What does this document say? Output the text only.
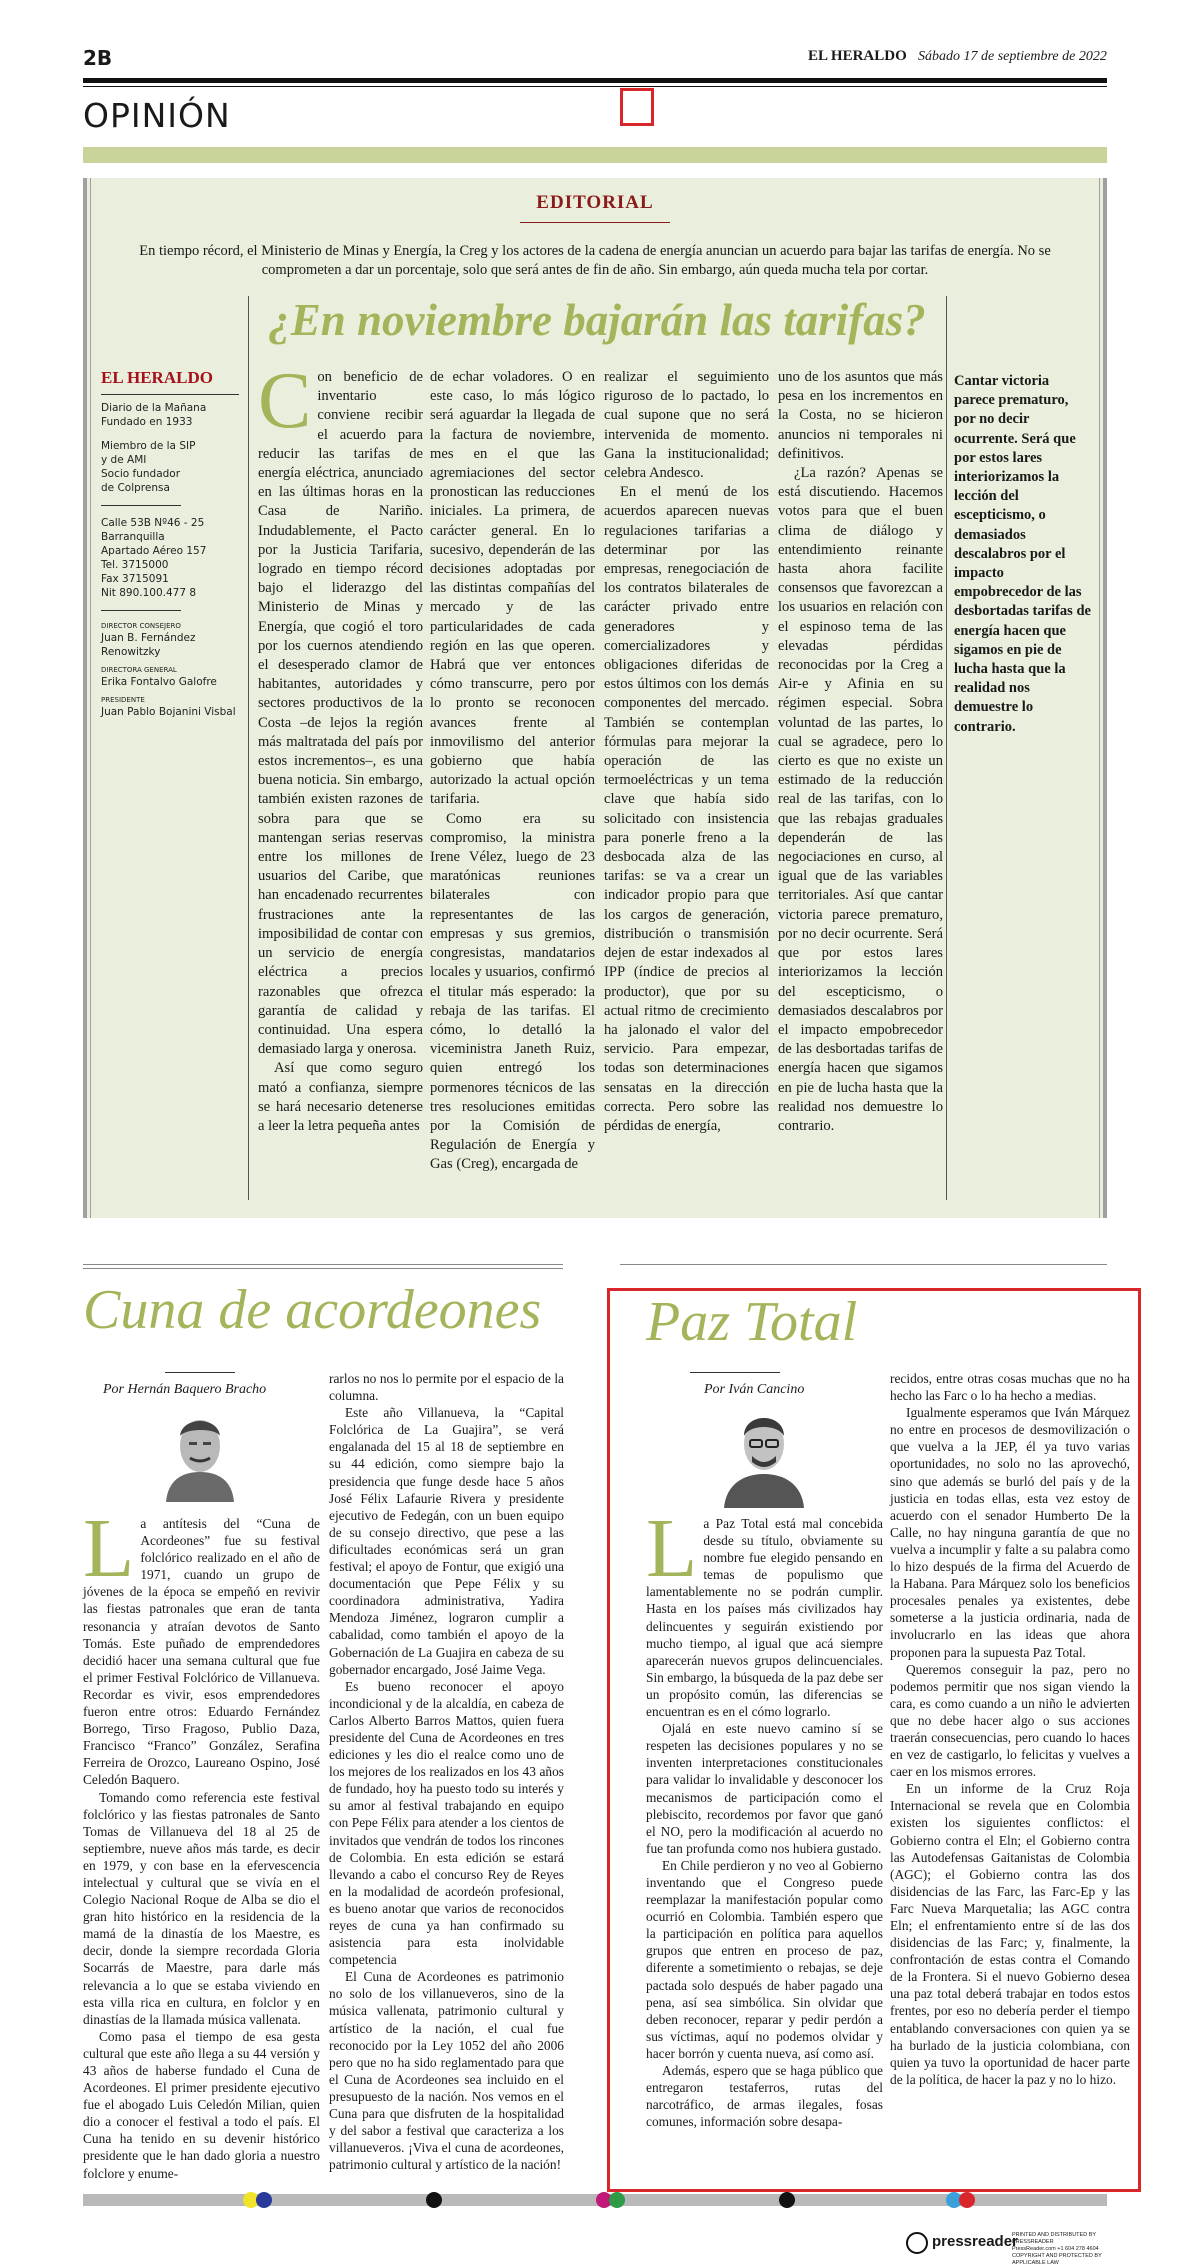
2B	EL HERALDO Sábado 17 de septiembre de 2022
OPINIÓN
EDITORIAL
En tiempo récord, el Ministerio de Minas y Energía, la Creg y los actores de la cadena de energía anuncian un acuerdo para bajar las tarifas de energía. No se comprometen a dar un porcentaje, solo que será antes de fin de año. Sin embargo, aún queda mucha tela por cortar.
¿En noviembre bajarán las tarifas?
EL HERALDO
Diario de la Mañana
Fundado en 1933
Miembro de la SIP
y de AMI
Socio fundador
de Colprensa
Calle 53B Nº46 - 25
Barranquilla
Apartado Aéreo 157
Tel. 3715000
Fax 3715091
Nit 890.100.477 8
DIRECTOR CONSEJERO
Juan B. Fernández Renowitzky
DIRECTORA GENERAL
Erika Fontalvo Galofre
PRESIDENTE
Juan Pablo Bojanini Visbal

Con beneficio de inventario conviene recibir el acuerdo para reducir las tarifas de energía eléctrica, anunciado en las últimas horas en la Casa de Nariño. Indudablemente, el Pacto por la Justicia Tarifaria, logrado en tiempo récord bajo el liderazgo del Ministerio de Minas y Energía, que cogió el toro por los cuernos atendiendo el desesperado clamor de habitantes, autoridades y sectores productivos de la Costa –de lejos la región más maltratada del país por estos incrementos–, es una buena noticia. Sin embargo, también existen razones de sobra para que se mantengan serias reservas entre los millones de usuarios del Caribe, que han encadenado recurrentes frustraciones ante la imposibilidad de contar con un servicio de energía eléctrica a precios razonables que ofrezca garantía de calidad y continuidad. Una espera demasiado larga y onerosa.

Así que como seguro mató a confianza, siempre se hará necesario detenerse a leer la letra pequeña antes

de echar voladores. O en este caso, lo más lógico será aguardar la llegada de la factura de noviembre, mes en el que las agremiaciones del sector pronostican las reducciones iniciales. La primera, de carácter general. En lo sucesivo, dependerán de las decisiones adoptadas por las distintas compañías del mercado y de las particularidades de cada región en las que operen. Habrá que ver entonces cómo transcurre, pero por lo pronto se reconocen avances frente al inmovilismo del anterior gobierno que había autorizado la actual opción tarifaria.

Como era su compromiso, la ministra Irene Vélez, luego de 23 maratónicas reuniones bilaterales con representantes de las empresas y sus gremios, congresistas, mandatarios locales y usuarios, confirmó el titular más esperado: la rebaja de las tarifas. El cómo, lo detalló la viceministra Janeth Ruiz, quien entregó los pormenores técnicos de las tres resoluciones emitidas por la Comisión de Regulación de Energía y Gas (Creg), encargada de

realizar el seguimiento riguroso de lo pactado, lo cual supone que no será intervenida de momento. Gana la institucionalidad; celebra Andesco.

En el menú de los acuerdos aparecen nuevas regulaciones tarifarias a determinar por las empresas, renegociación de los contratos bilaterales de carácter privado entre generadores y comercializadores y obligaciones diferidas de estos últimos con los demás componentes del mercado. También se contemplan fórmulas para mejorar la operación de las termoeléctricas y un tema clave que había sido solicitado con insistencia para ponerle freno a la desbocada alza de las tarifas: se va a crear un indicador propio para que los cargos de generación, distribución o transmisión dejen de estar indexados al IPP (índice de precios al productor), que por su actual ritmo de crecimiento ha jalonado el valor del servicio. Para empezar, todas son determinaciones sensatas en la dirección correcta. Pero sobre las pérdidas de energía,

uno de los asuntos que más pesa en los incrementos en la Costa, no se hicieron anuncios ni temporales ni definitivos.

¿La razón? Apenas se está discutiendo. Hacemos votos para que el buen clima de diálogo y entendimiento reinante hasta ahora facilite consensos que favorezcan a los usuarios en relación con el espinoso tema de las elevadas pérdidas reconocidas por la Creg a Air-e y Afinia en su régimen especial. Sobra voluntad de las partes, lo cual se agradece, pero lo cierto es que no existe un estimado de la reducción real de las tarifas, con lo que las rebajas graduales dependerán de las negociaciones en curso, al igual que de las variables territoriales. Así que cantar victoria parece prematuro, por no decir ocurrente. Será que por estos lares interiorizamos la lección del escepticismo, o demasiados descalabros por el impacto empobrecedor de las desbortadas tarifas de energía hacen que sigamos en pie de lucha hasta que la realidad nos demuestre lo contrario.

Cantar victoria parece prematuro, por no decir ocurrente. Será que por estos lares interiorizamos la lección del escepticismo, o demasiados descalabros por el impacto empobrecedor de las desbortadas tarifas de energía hacen que sigamos en pie de lucha hasta que la realidad nos demuestre lo contrario.
Cuna de acordeones
Por Hernán Baquero Bracho

La antítesis del “Cuna de Acordeones” fue su festival folclórico realizado en el año de 1971, cuando un grupo de jóvenes de la época se empeñó en revivir las fiestas patronales que eran de tanta resonancia y atraían devotos de Santo Tomás. Este puñado de emprendedores decidió hacer una semana cultural que fue el primer Festival Folclórico de Villanueva. Recordar es vivir, esos emprendedores fueron entre otros: Eduardo Fernández Borrego, Tirso Fragoso, Publio Daza, Francisco “Franco” González, Serafina Ferreira de Orozco, Laureano Ospino, José Celedón Baquero.

Tomando como referencia este festival folclórico y las fiestas patronales de Santo Tomas de Villanueva del 18 al 25 de septiembre, nueve años más tarde, es decir en 1979, y con base en la efervescencia intelectual y cultural que se vivía en el Colegio Nacional Roque de Alba se dio el gran hito histórico en la residencia de la mamá de la dinastía de los Maestre, es decir, donde la siempre recordada Gloria Socarrás de Maestre, para darle más relevancia a lo que se estaba viviendo en esta villa rica en cultura, en folclor y en dinastías de la llamada música vallenata.

Como pasa el tiempo de esa gesta cultural que este año llega a su 44 versión y 43 años de haberse fundado el Cuna de Acordeones. El primer presidente ejecutivo fue el abogado Luis Celedón Milian, quien dio a conocer el festival a todo el país. El Cuna ha tenido en su devenir histórico presidente que le han dado gloria a nuestro folclore y enume-

rarlos no nos lo permite por el espacio de la columna.

Este año Villanueva, la “Capital Folclórica de La Guajira”, se verá engalanada del 15 al 18 de septiembre en su 44 edición, como siempre bajo la presidencia que funge desde hace 5 años José Félix Lafaurie Rivera y presidente ejecutivo de Fedegán, con un buen equipo de su consejo directivo, que pese a las dificultades económicas será un gran festival; el apoyo de Fontur, que exigió una documentación que Pepe Félix y su coordinadora administrativa, Yadira Mendoza Jiménez, lograron cumplir a cabalidad, como también el apoyo de la Gobernación de La Guajira en cabeza de su gobernador encargado, José Jaime Vega.

Es bueno reconocer el apoyo incondicional y de la alcaldía, en cabeza de Carlos Alberto Barros Mattos, quien fuera presidente del Cuna de Acordeones en tres ediciones y les dio el realce como uno de los mejores de los realizados en los 43 años de fundado, hoy ha puesto todo su interés y su amor al festival trabajando en equipo con Pepe Félix para atender a los cientos de invitados que vendrán de todos los rincones de Colombia. En esta edición se estará llevando a cabo el concurso Rey de Reyes en la modalidad de acordeón profesional, es bueno anotar que varios de reconocidos reyes de cuna ya han confirmado su asistencia para esta inolvidable competencia

El Cuna de Acordeones es patrimonio no solo de los villanueveros, sino de la música vallenata, patrimonio cultural y artístico de la nación, el cual fue reconocido por la Ley 1052 del año 2006 pero que no ha sido reglamentado para que el Cuna de Acordeones sea incluido en el presupuesto de la nación. Nos vemos en el Cuna para que disfruten de la hospitalidad y del sabor a festival que caracteriza a los villanueveros. ¡Viva el cuna de acordeones, patrimonio cultural y artístico de la nación!

Paz Total
Por Iván Cancino

La Paz Total está mal concebida desde su título, obviamente su nombre fue elegido pensando en temas de populismo que lamentablemente no se podrán cumplir. Hasta en los países más civilizados hay delincuentes y seguirán existiendo por mucho tiempo, al igual que acá siempre aparecerán nuevos grupos delincuenciales. Sin embargo, la búsqueda de la paz debe ser un propósito común, las diferencias se encuentran es en el cómo lograrlo.

Ojalá en este nuevo camino sí se respeten las decisiones populares y no se inventen interpretaciones constitucionales para validar lo invalidable y desconocer los mecanismos de participación como el plebiscito, recordemos por favor que ganó el NO, pero la modificación al acuerdo no fue tan profunda como nos hubiera gustado.

En Chile perdieron y no veo al Gobierno inventando que el Congreso puede reemplazar la manifestación popular como ocurrió en Colombia. También espero que la participación en política para aquellos grupos que entren en proceso de paz, diferente a sometimiento o rebajas, se deje pactada solo después de haber pagado una pena, así sea simbólica. Sin olvidar que deben reconocer, reparar y pedir perdón a sus víctimas, aquí no podemos olvidar y hacer borrón y cuenta nueva, así como así.

Además, espero que se haga público que entregaron testaferros, rutas del narcotráfico, de armas ilegales, fosas comunes, información sobre desapa-

recidos, entre otras cosas muchas que no ha hecho las Farc o lo ha hecho a medias.

Igualmente esperamos que Iván Márquez no entre en procesos de desmovilización o que vuelva a la JEP, él ya tuvo varias oportunidades, no solo no las aprovechó, sino que además se burló del país y de la justicia en todas ellas, esta vez estoy de acuerdo con el senador Humberto De la Calle, no hay ninguna garantía de que no vuelva a incumplir y falte a su palabra como lo hizo después de la firma del Acuerdo de la Habana. Para Márquez solo los beneficios procesales penales ya existentes, debe someterse a la justicia ordinaria, nada de involucrarlo en las ideas que ahora proponen para la supuesta Paz Total.

Queremos conseguir la paz, pero no podemos permitir que nos sigan viendo la cara, es como cuando a un niño le advierten que no debe hacer algo o sus acciones traerán consecuencias, pero cuando lo haces en vez de castigarlo, lo felicitas y vuelves a caer en los mismos errores.

En un informe de la Cruz Roja Internacional se revela que en Colombia existen los siguientes conflictos: el Gobierno contra el Eln; el Gobierno contra las Autodefensas Gaitanistas de Colombia (AGC); el Gobierno contra las dos disidencias de las Farc, las Farc-Ep y las Farc Nueva Marquetalia; las AGC contra Eln; el enfrentamiento entre sí de las dos disidencias de las Farc; y, finalmente, la confrontación de estas contra el Comando de la Frontera. Si el nuevo Gobierno desea una paz total deberá trabajar en todos estos frentes, por eso no debería perder el tiempo entablando conversaciones con quien ya se ha burlado de la justicia colombiana, con quien ya tuvo la oportunidad de hacer parte de la política, de hacer la paz y no lo hizo.

pressreader
PRINTED AND DISTRIBUTED BY PRESSREADER
PressReader.com +1 604 278 4604
COPYRIGHT AND PROTECTED BY APPLICABLE LAW
